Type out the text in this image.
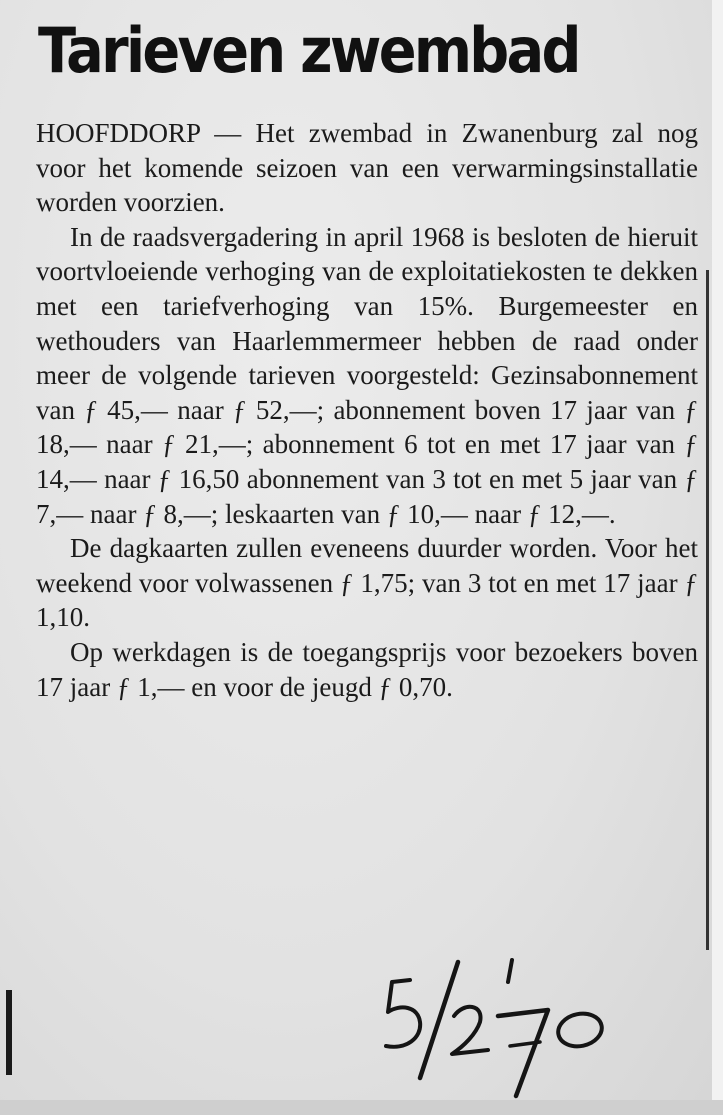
Tarieven zwembad

HOOFDDORP — Het zwembad in Zwanenburg zal nog voor het komende seizoen van een verwarmingsinstallatie worden voorzien.

In de raadsvergadering in april 1968 is besloten de hieruit voortvloeiende verhoging van de exploitatiekosten te dekken met een tariefverhoging van 15%. Burgemeester en wethouders van Haarlemmermeer hebben de raad onder meer de volgende tarieven voorgesteld: Gezinsabonnement van ƒ 45,— naar ƒ 52,—; abonnement boven 17 jaar van ƒ 18,— naar ƒ 21,—; abonnement 6 tot en met 17 jaar van ƒ 14,— naar ƒ 16,50 abonnement van 3 tot en met 5 jaar van ƒ 7,— naar ƒ 8,—; leskaarten van ƒ 10,— naar ƒ 12,—.

De dagkaarten zullen eveneens duurder worden. Voor het weekend voor volwassenen ƒ 1,75; van 3 tot en met 17 jaar ƒ 1,10.

Op werkdagen is de toegangsprijs voor bezoekers boven 17 jaar ƒ 1,— en voor de jeugd ƒ 0,70.
